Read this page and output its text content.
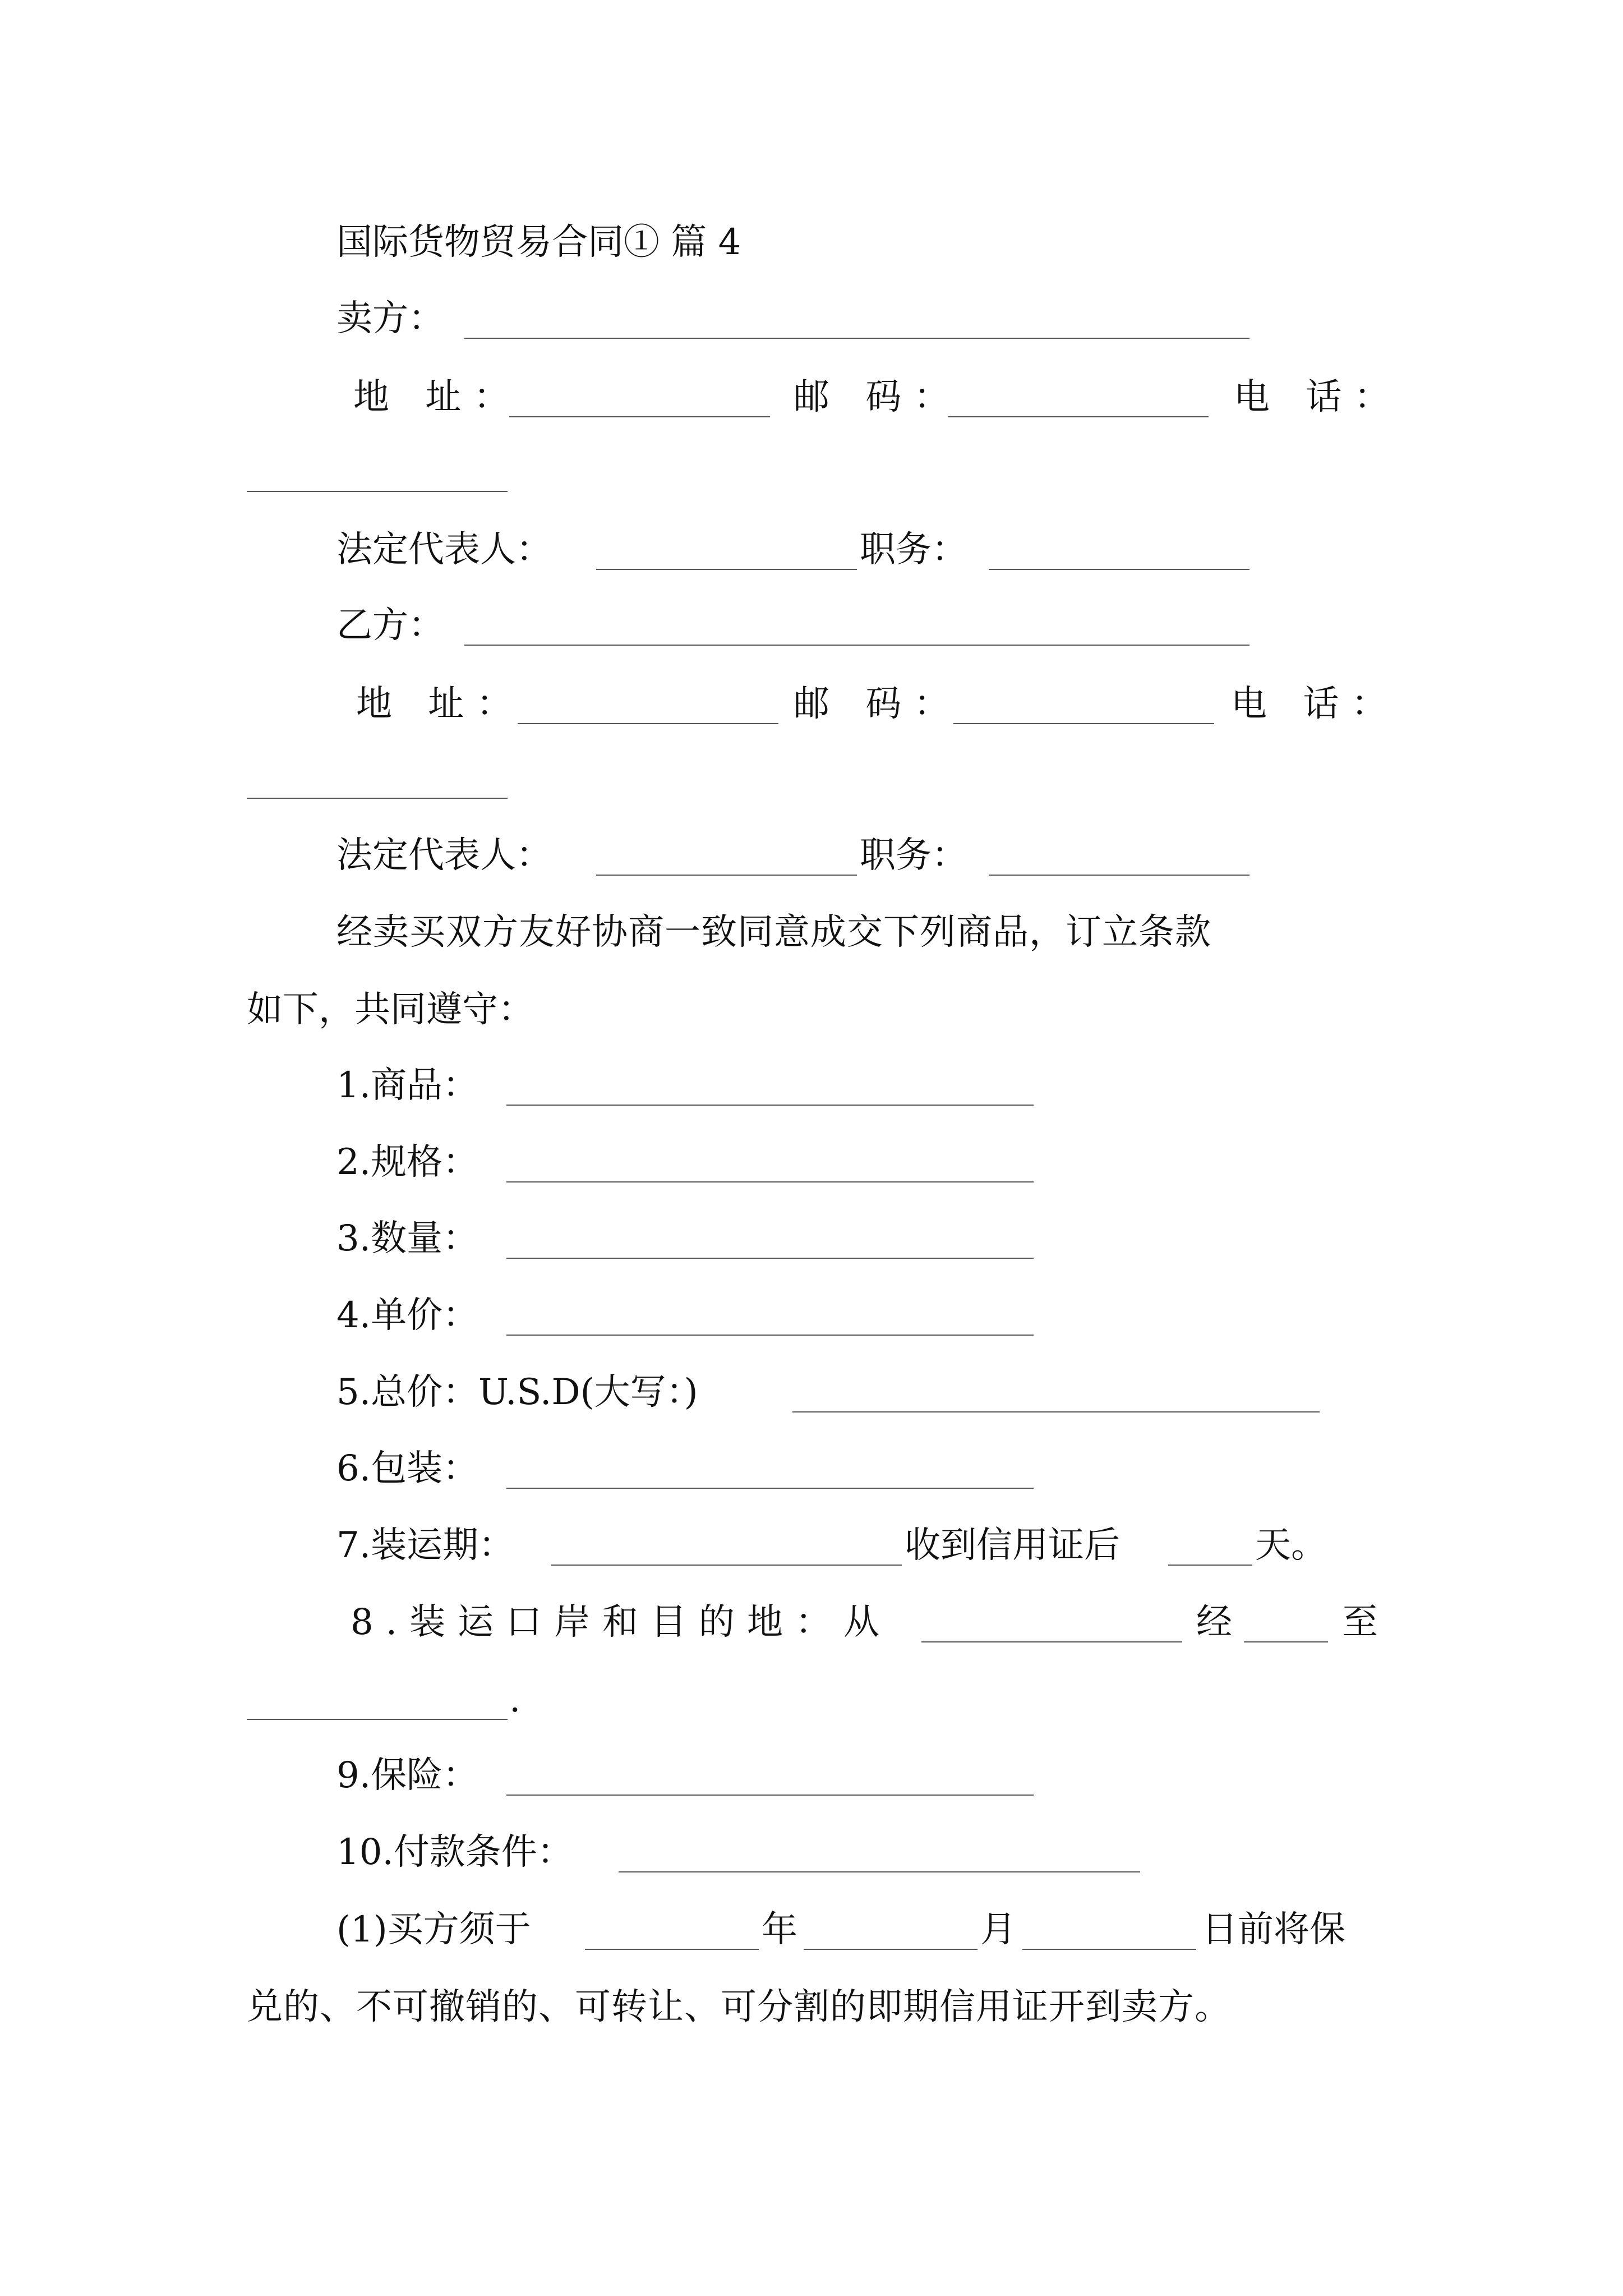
国际货物贸易合同① 篇 4
卖方：
地 址：	邮 码：	电 话：
法定代表人：	职务：
乙方：
地 址：	邮 码：	电 话：
法定代表人：	职务：
经卖买双方友好协商一致同意成交下列商品，订立条款
如下，共同遵守：
1.商品：
2.规格：
3.数量：
4.单价：
5.总价：U.S.D(大写：)
6.包装：
7.装运期：	收到信用证后	天。
8.装运口岸和目的地：从	经	至
.
9.保险：
10.付款条件：
(1)买方须于	年	月	日前将保
兑的、不可撤销的、可转让、可分割的即期信用证开到卖方。
